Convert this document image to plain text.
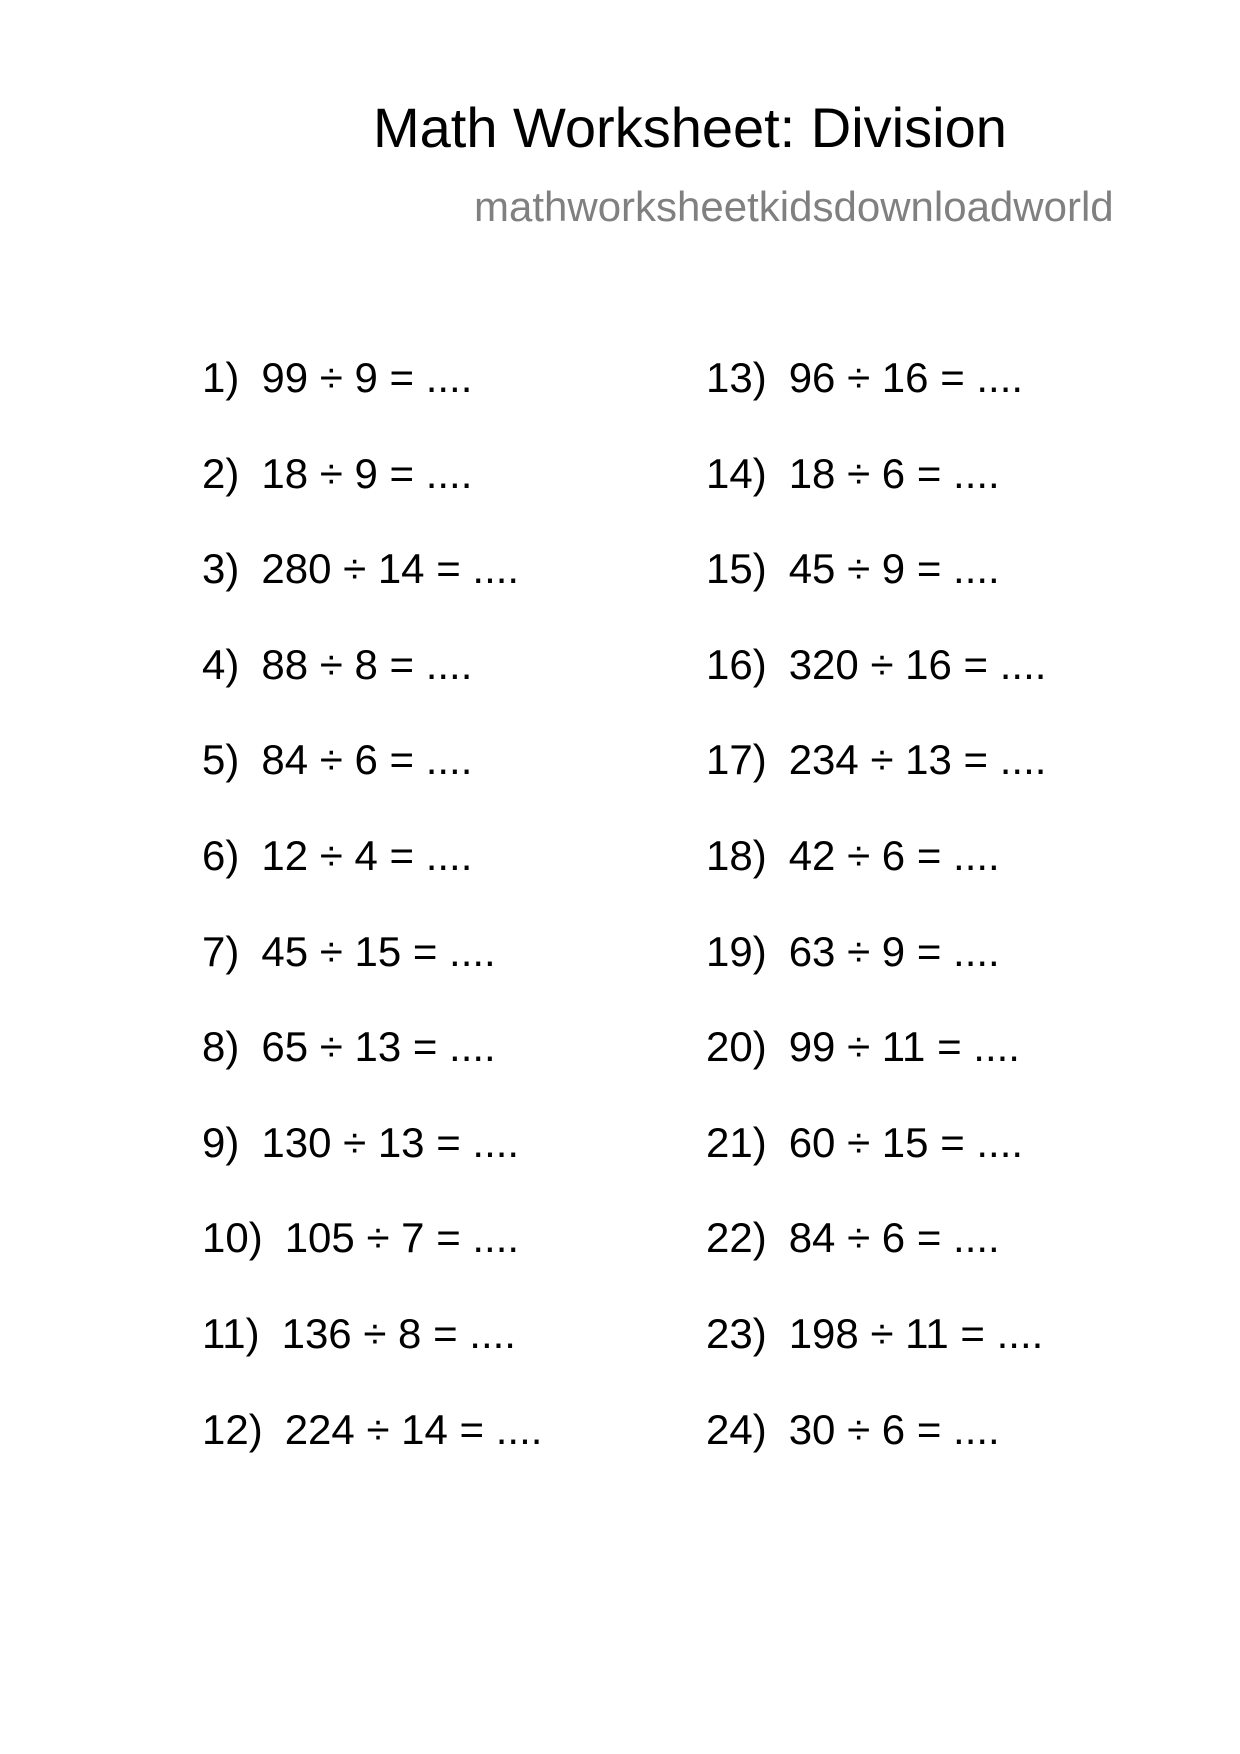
Math Worksheet: Division
mathworksheetkidsdownloadworld
1) 99 ÷ 9 = ....
2) 18 ÷ 9 = ....
3) 280 ÷ 14 = ....
4) 88 ÷ 8 = ....
5) 84 ÷ 6 = ....
6) 12 ÷ 4 = ....
7) 45 ÷ 15 = ....
8) 65 ÷ 13 = ....
9) 130 ÷ 13 = ....
10) 105 ÷ 7 = ....
11) 136 ÷ 8 = ....
12) 224 ÷ 14 = ....
13) 96 ÷ 16 = ....
14) 18 ÷ 6 = ....
15) 45 ÷ 9 = ....
16) 320 ÷ 16 = ....
17) 234 ÷ 13 = ....
18) 42 ÷ 6 = ....
19) 63 ÷ 9 = ....
20) 99 ÷ 11 = ....
21) 60 ÷ 15 = ....
22) 84 ÷ 6 = ....
23) 198 ÷ 11 = ....
24) 30 ÷ 6 = ....
